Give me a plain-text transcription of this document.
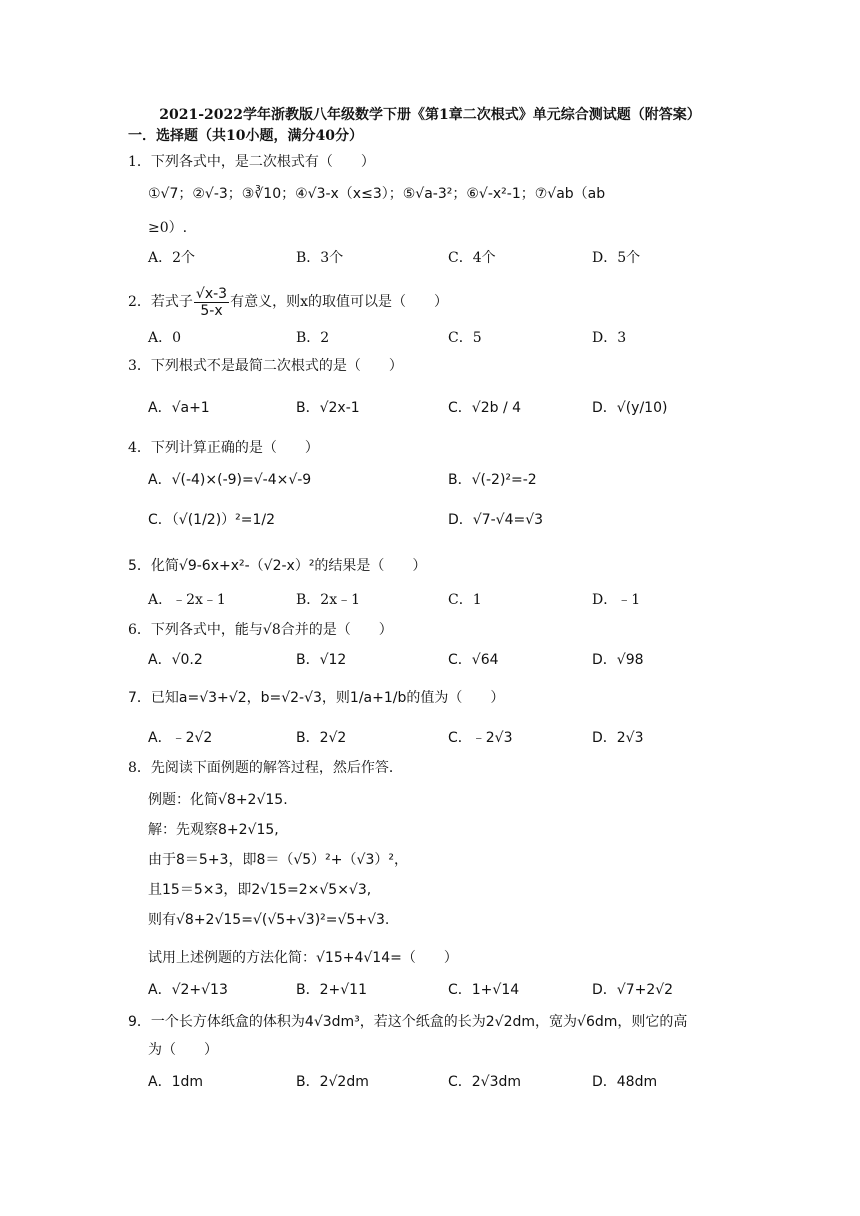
2021-2022学年浙教版八年级数学下册《第1章二次根式》单元综合测试题（附答案）
一．选择题（共10小题，满分40分）
1．下列各式中，是二次根式有（　　）
①√7；②√-3；③∛10；④√3-x（x≤3）；⑤√a-3²；⑥√-x²-1；⑦√ab（ab
≥0）.
A．2个	B．3个	C．4个	D．5个
2．若式子 $\frac{√x-3}{5-x}$ 有意义，则x的取值可以是（　　）
A．0	B．2	C．5	D．3
3．下列根式不是最简二次根式的是（　　）
A．√a+1	B．√2x-1	C．√2b / 4	D．√(y/10)
4．下列计算正确的是（　　）
A．√(-4)×(-9)=√-4×√-9	B．√(-2)²=-2
C．（√(1/2)）²=1/2	D．√7-√4=√3
5．化简√9-6x+x²-（√2-x）²的结果是（　　）
A．﹣2x﹣1	B．2x﹣1	C．1	D．﹣1
6．下列各式中，能与√8合并的是（　　）
A．√0.2	B．√12	C．√64	D．√98
7．已知a=√3+√2，b=√2-√3，则1/a+1/b的值为（　　）
A．﹣2√2	B．2√2	C．﹣2√3	D．2√3
8．先阅读下面例题的解答过程，然后作答．
例题：化简√8+2√15.
解：先观察8+2√15,
由于8＝5+3，即8＝（√5）²+（√3）²，
且15＝5×3，即2√15=2×√5×√3,
则有√8+2√15=√(√5+√3)²=√5+√3.
试用上述例题的方法化简：√15+4√14=（　　）
A．√2+√13	B．2+√11	C．1+√14	D．√7+2√2
9．一个长方体纸盒的体积为4√3dm³，若这个纸盒的长为2√2dm，宽为√6dm，则它的高
为（　　）
A．1dm	B．2√2dm	C．2√3dm	D．48dm
